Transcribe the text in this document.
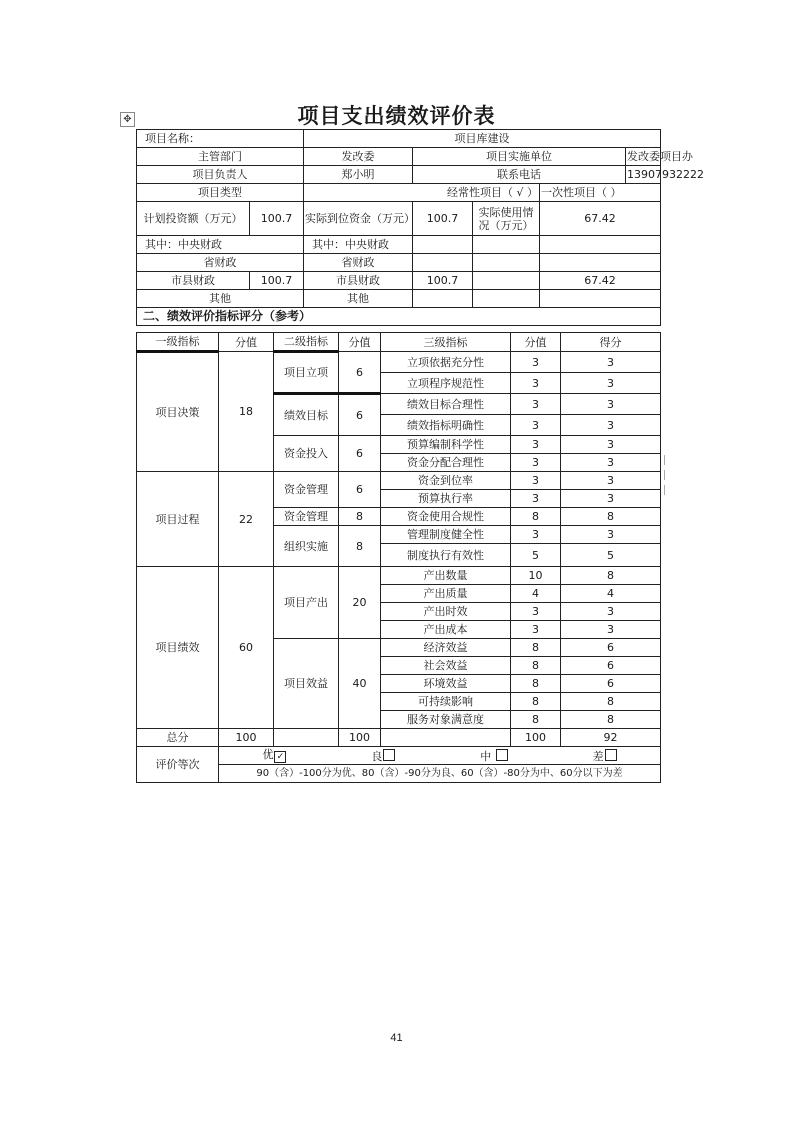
✥	项目支出绩效评价表
项目名称：		项目库建设				
主管部门		发改委	项目实施单位			发改委项目办
项目负责人		郑小明	联系电话			13907932222
项目类型		经常性项目（ √ ）			一次性项目（ ）	
计划投资额（万元）	100.7	实际到位资金（万元）	100.7	实际使用情况（万元）	67.42	
其中：中央财政		其中：中央财政				
省财政		省财政				
市县财政	100.7	市县财政	100.7		67.42	
其他		其他				
二、绩效评价指标评分（参考）						
一级指标	分值	二级指标	分值	三级指标	分值	得分
项目决策	18	项目立项	6	立项依据充分性	3	3
				立项程序规范性	3	3
		绩效目标	6	绩效目标合理性	3	3
				绩效指标明确性	3	3
		资金投入	6	预算编制科学性	3	3
				资金分配合理性	3	3
项目过程	22	资金管理	6	资金到位率	3	3
				预算执行率	3	3
		资金管理	8	资金使用合规性	8	8
		组织实施	8	管理制度健全性	3	3
				制度执行有效性	5	5
项目绩效	60	项目产出	20	产出数量	10	8
				产出质量	4	4
				产出时效	3	3
				产出成本	3	3
		项目效益	40	经济效益	8	6
				社会效益	8	6
				环境效益	8	6
				可持续影响	8	8
				服务对象满意度	8	8
总分	100		100		100	92
评价等次	优 ✓ 良 中 差					

	90（含）-100分为优、80（含）-90分为良、60（含）-80分为中、60分以下为差					
41
